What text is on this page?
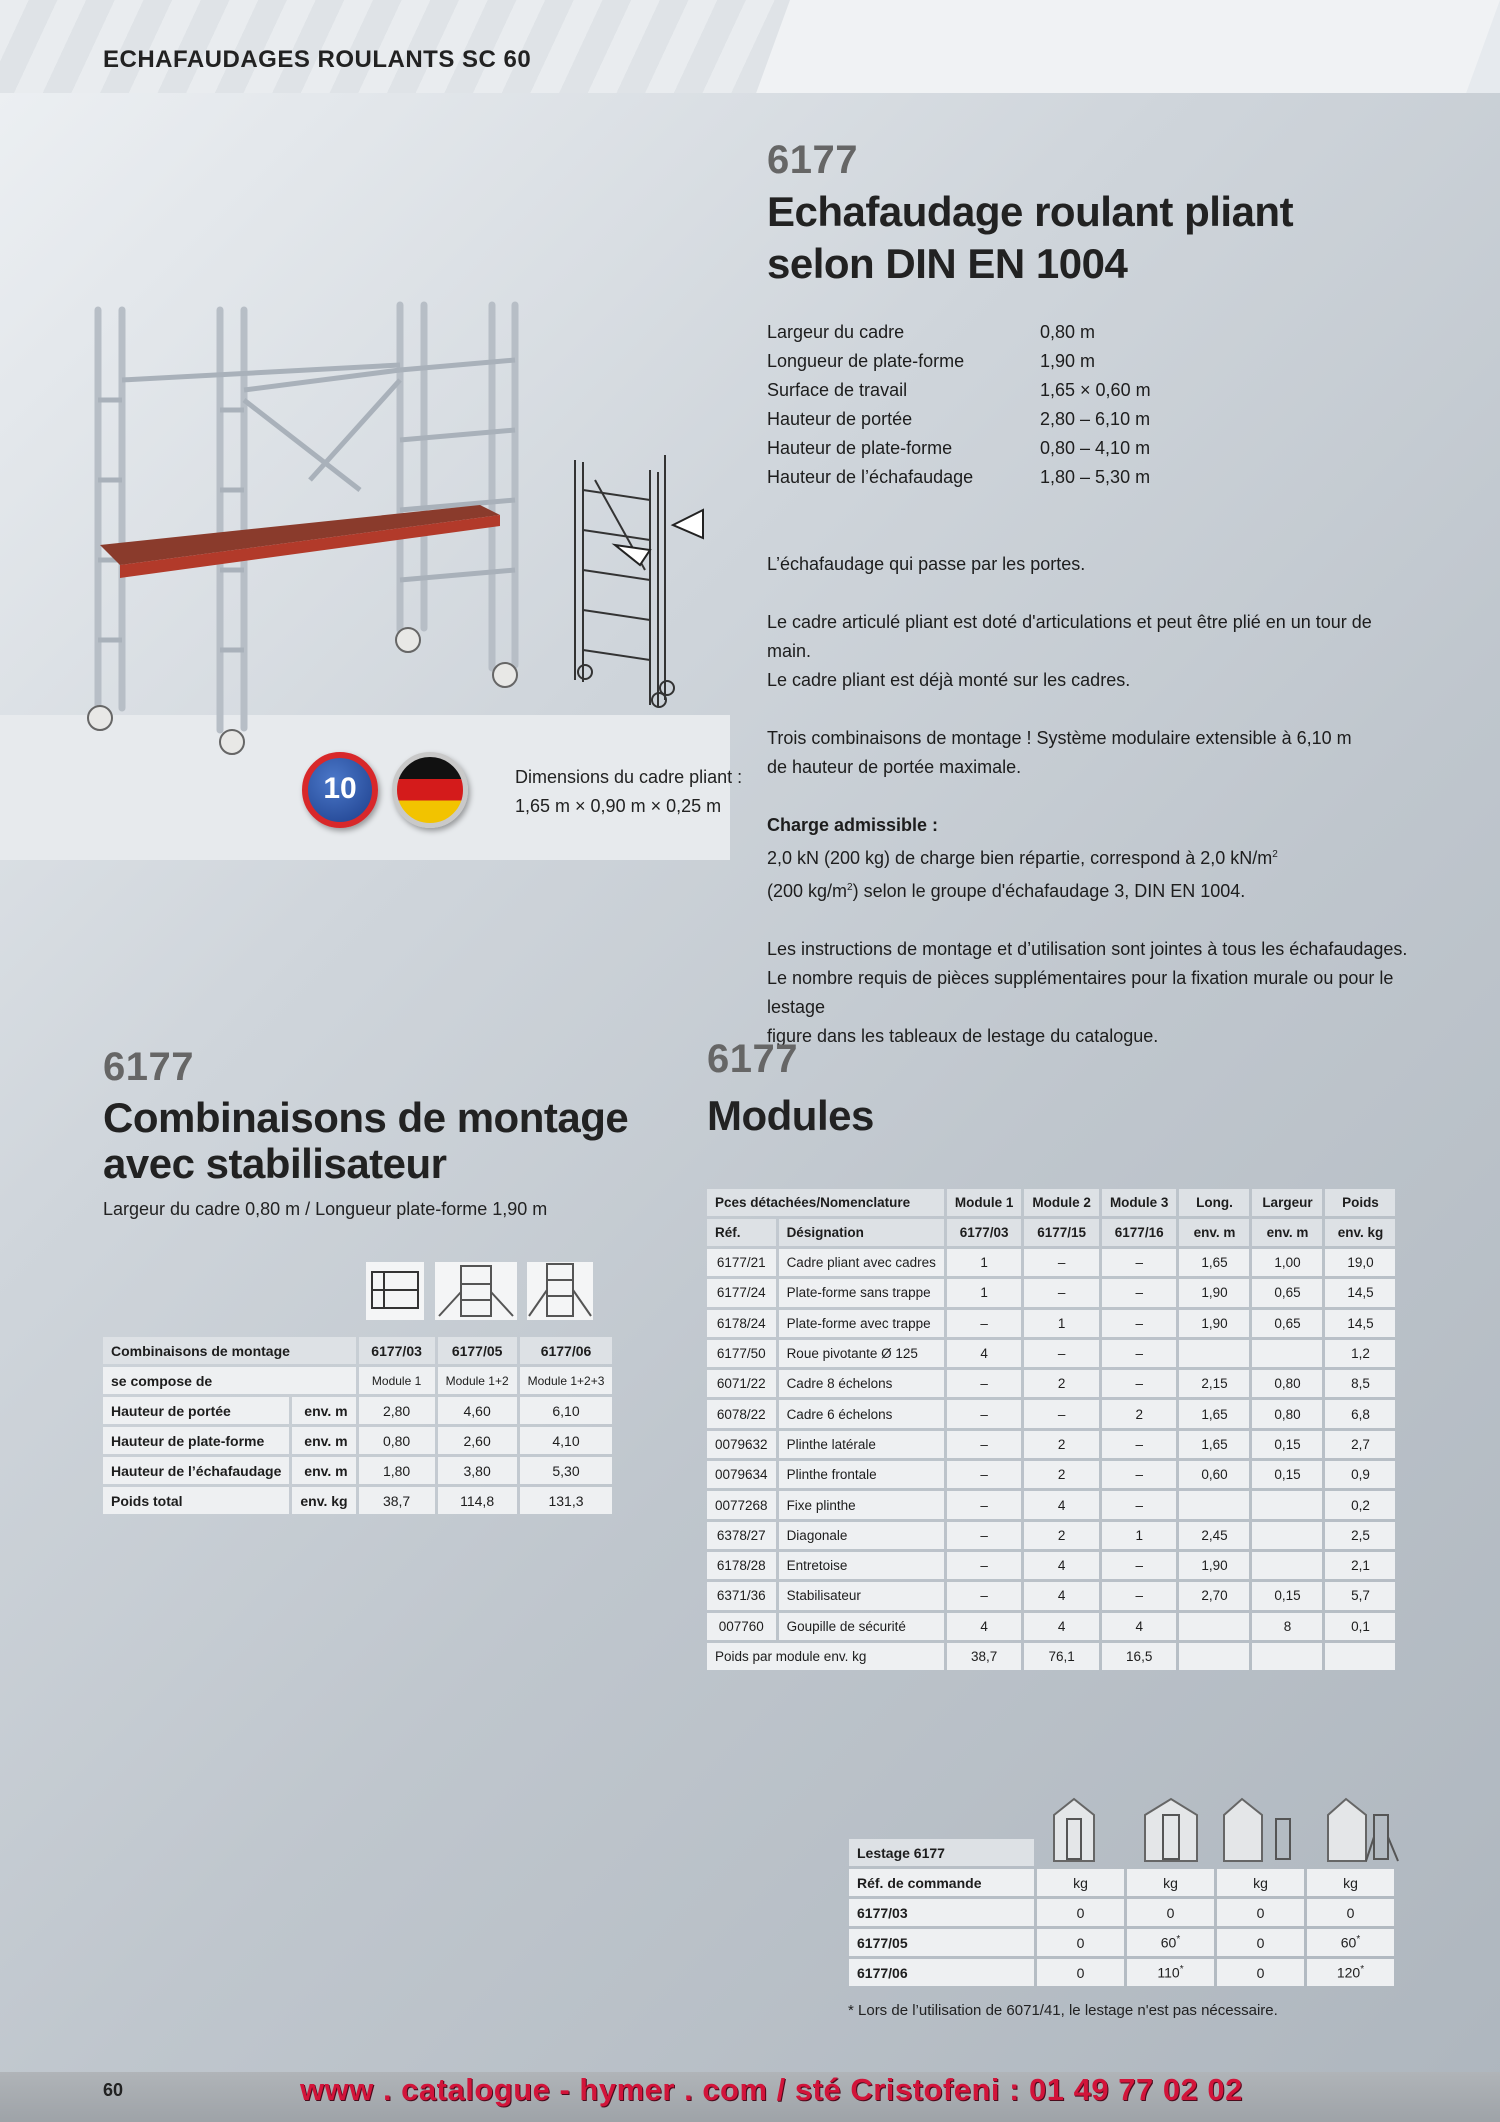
ECHAFAUDAGES ROULANTS SC 60
10	Dimensions du cadre pliant :
1,65 m × 0,90 m × 0,25 m
6177
Echafaudage roulant pliant
selon DIN EN 1004
Largeur du cadre	0,80 m
Longueur de plate-forme	1,90 m
Surface de travail	1,65 × 0,60 m
Hauteur de portée	2,80 – 6,10 m
Hauteur de plate-forme	0,80 – 4,10 m
Hauteur de l’échafaudage	1,80 – 5,30 m

L’échafaudage qui passe par les portes.

Le cadre articulé pliant est doté d'articulations et peut être plié en un tour de main.
Le cadre pliant est déjà monté sur les cadres.

Trois combinaisons de montage ! Système modulaire extensible à 6,10 m
de hauteur de portée maximale.

Charge admissible :
2,0 kN (200 kg) de charge bien répartie, correspond à 2,0 $kN/m^2$
(200 $kg/m^2$) selon le groupe d'échafaudage 3, DIN EN 1004.

Les instructions de montage et d’utilisation sont jointes à tous les échafaudages.
Le nombre requis de pièces supplémentaires pour la fixation murale ou pour le lestage
figure dans les tableaux de lestage du catalogue.

6177
Combinaisons de montage
avec stabilisateur
Largeur du cadre 0,80 m / Longueur plate-forme 1,90 m
Combinaisons de montage		6177/03	6177/05	6177/06
se compose de		Module 1	Module 1+2	Module 1+2+3
Hauteur de portée	env. m	2,80	4,60	6,10
Hauteur de plate-forme	env. m	0,80	2,60	4,10
Hauteur de l’échafaudage	env. m	1,80	3,80	5,30
Poids total	env. kg	38,7	114,8	131,3
6177
Modules
Pces détachées/Nomenclature		Module 1	Module 2	Module 3	Long.	Largeur	Poids
Réf.	Désignation	6177/03	6177/15	6177/16	env. m	env. m	env. kg
6177/21	Cadre pliant avec cadres	1	–	–	1,65	1,00	19,0
6177/24	Plate-forme sans trappe	1	–	–	1,90	0,65	14,5
6178/24	Plate-forme avec trappe	–	1	–	1,90	0,65	14,5
6177/50	Roue pivotante Ø 125	4	–	–			1,2
6071/22	Cadre 8 échelons	–	2	–	2,15	0,80	8,5
6078/22	Cadre 6 échelons	–	–	2	1,65	0,80	6,8
0079632	Plinthe latérale	–	2	–	1,65	0,15	2,7
0079634	Plinthe frontale	–	2	–	0,60	0,15	0,9
0077268	Fixe plinthe	–	4	–			0,2
6378/27	Diagonale	–	2	1	2,45		2,5
6178/28	Entretoise	–	4	–	1,90		2,1
6371/36	Stabilisateur	–	4	–	2,70	0,15	5,7
007760	Goupille de sécurité	4	4	4		8	0,1
Poids par module env. kg		38,7	76,1	16,5			
Lestage 6177				
Réf. de commande	kg	kg	kg	kg
6177/03	0	0	0	0
6177/05	0	60*	0	60*
6177/06	0	110*	0	120*
* Lors de l’utilisation de 6071/41, le lestage n'est pas nécessaire.
60	www . catalogue - hymer . com / sté Cristofeni : 01 49 77 02 02
